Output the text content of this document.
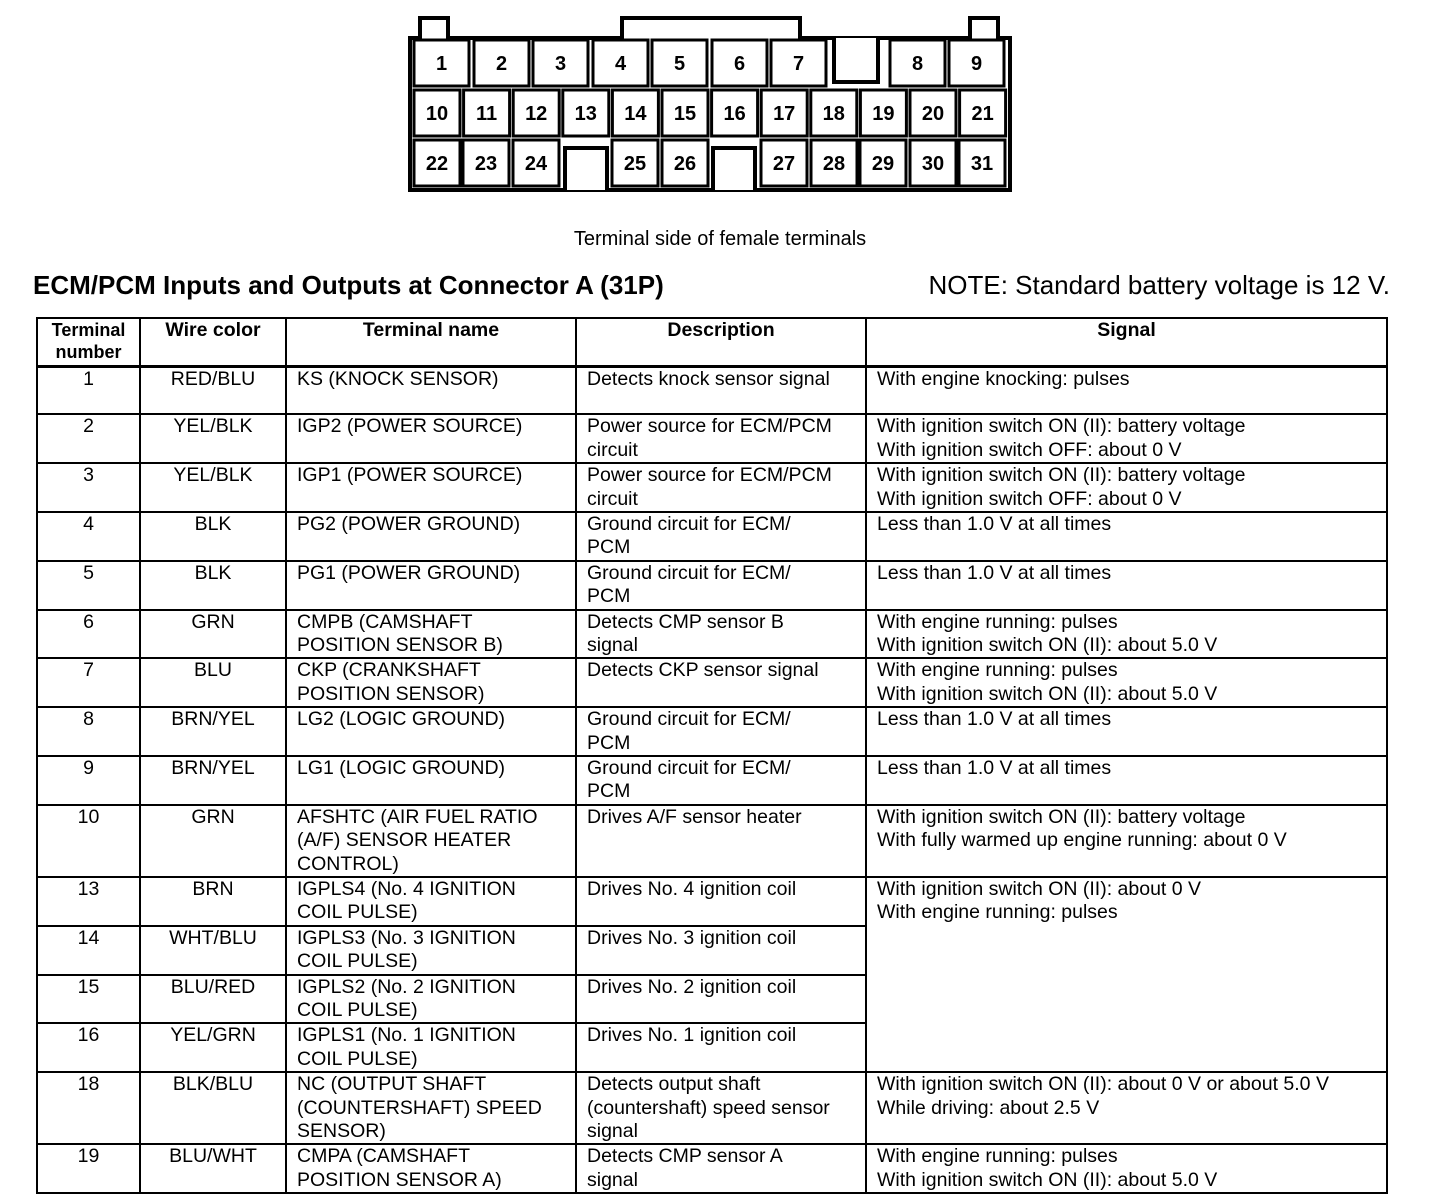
1 2 3 4 5 6 7	8 9
10 11 12 13 14 15 16 17 18 19 20 21
22 23 24	25 26	27 28 29 30 31
Terminal side of female terminals
ECM/PCM Inputs and Outputs at Connector A (31P)	NOTE: Standard battery voltage is 12 V.
Terminal number	Wire color	Terminal name	Description	Signal
1	RED/BLU	KS (KNOCK SENSOR)	Detects knock sensor signal	With engine knocking: pulses

2	YEL/BLK	IGP2 (POWER SOURCE)	Power source for ECM/PCM
circuit	With ignition switch ON (II): battery voltage
With ignition switch OFF: about 0 V

3	YEL/BLK	IGP1 (POWER SOURCE)	Power source for ECM/PCM
circuit	With ignition switch ON (II): battery voltage
With ignition switch OFF: about 0 V

4	BLK	PG2 (POWER GROUND)	Ground circuit for ECM/
PCM	Less than 1.0 V at all times

5	BLK	PG1 (POWER GROUND)	Ground circuit for ECM/
PCM	Less than 1.0 V at all times

6	GRN	CMPB (CAMSHAFT
POSITION SENSOR B)	Detects CMP sensor B
signal	With engine running: pulses
With ignition switch ON (II): about 5.0 V

7	BLU	CKP (CRANKSHAFT
POSITION SENSOR)	Detects CKP sensor signal	With engine running: pulses
With ignition switch ON (II): about 5.0 V

8	BRN/YEL	LG2 (LOGIC GROUND)	Ground circuit for ECM/
PCM	Less than 1.0 V at all times

9	BRN/YEL	LG1 (LOGIC GROUND)	Ground circuit for ECM/
PCM	Less than 1.0 V at all times

10	GRN	AFSHTC (AIR FUEL RATIO
(A/F) SENSOR HEATER
CONTROL)	Drives A/F sensor heater	With ignition switch ON (II): battery voltage
With fully warmed up engine running: about 0 V

13	BRN	IGPLS4 (No. 4 IGNITION
COIL PULSE)	Drives No. 4 ignition coil	With ignition switch ON (II): about 0 V
With engine running: pulses

14	WHT/BLU	IGPLS3 (No. 3 IGNITION
COIL PULSE)	Drives No. 3 ignition coil	

15	BLU/RED	IGPLS2 (No. 2 IGNITION
COIL PULSE)	Drives No. 2 ignition coil	

16	YEL/GRN	IGPLS1 (No. 1 IGNITION
COIL PULSE)	Drives No. 1 ignition coil	

18	BLK/BLU	NC (OUTPUT SHAFT
(COUNTERSHAFT) SPEED
SENSOR)	Detects output shaft
(countershaft) speed sensor
signal	With ignition switch ON (II): about 0 V or about 5.0 V
While driving: about 2.5 V

19	BLU/WHT	CMPA (CAMSHAFT
POSITION SENSOR A)	Detects CMP sensor A
signal	With engine running: pulses
With ignition switch ON (II): about 5.0 V
